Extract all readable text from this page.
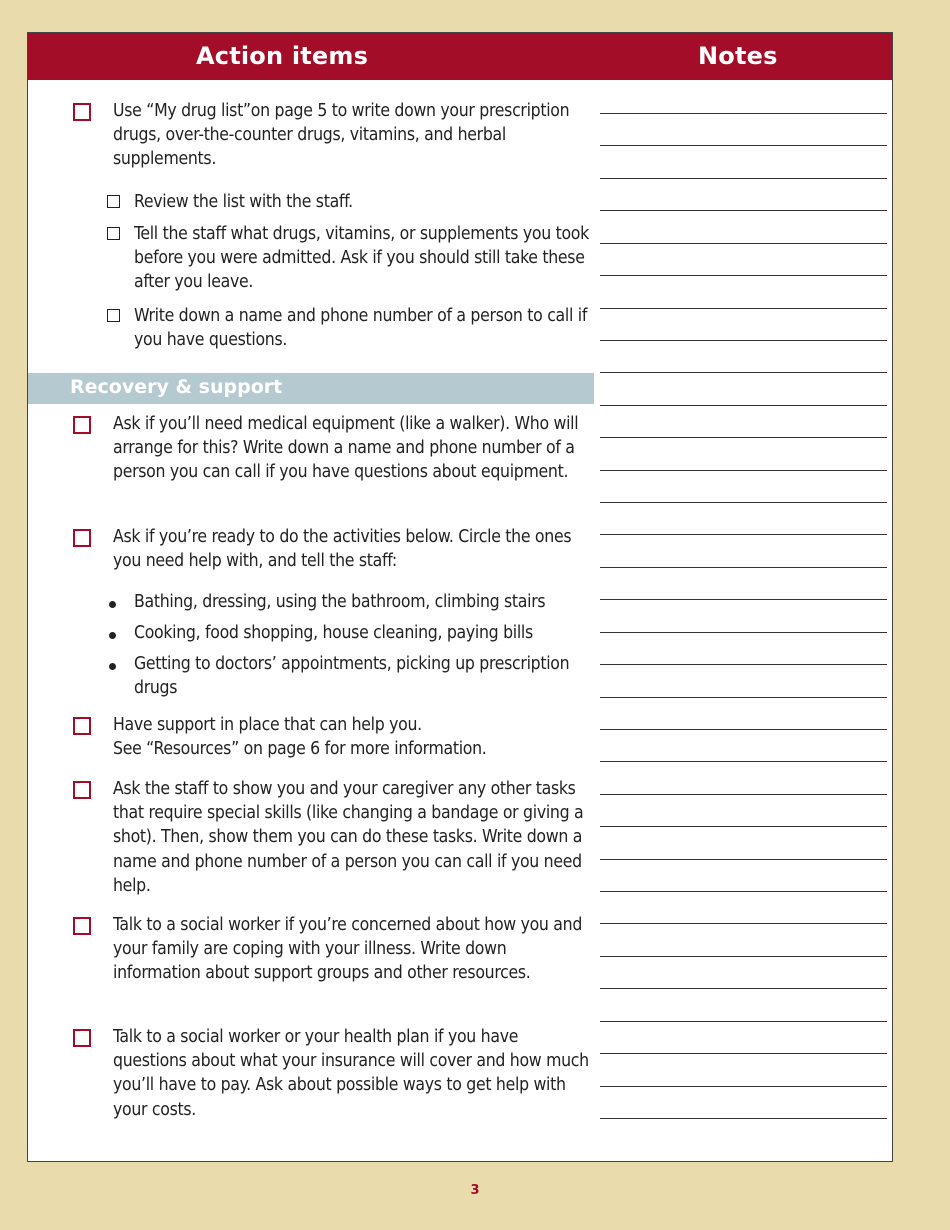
Action items	Notes
Use “My drug list”on page 5 to write down your prescription drugs, over-the-counter drugs, vitamins, and herbal supplements.
Review the list with the staff.
Tell the staff what drugs, vitamins, or supplements you took before you were admitted. Ask if you should still take these after you leave.
Write down a name and phone number of a person to call if you have questions.
Recovery & support
Ask if you’ll need medical equipment (like a walker). Who will arrange for this? Write down a name and phone number of a person you can call if you have questions about equipment.
Ask if you’re ready to do the activities below. Circle the ones you need help with, and tell the staff:
Bathing, dressing, using the bathroom, climbing stairs
Cooking, food shopping, house cleaning, paying bills
Getting to doctors’ appointments, picking up prescription drugs
Have support in place that can help you.
See “Resources” on page 6 for more information.
Ask the staff to show you and your caregiver any other tasks that require special skills (like changing a bandage or giving a shot). Then, show them you can do these tasks. Write down a name and phone number of a person you can call if you need help.
Talk to a social worker if you’re concerned about how you and your family are coping with your illness. Write down information about support groups and other resources.
Talk to a social worker or your health plan if you have questions about what your insurance will cover and how much you’ll have to pay. Ask about possible ways to get help with your costs.
3
